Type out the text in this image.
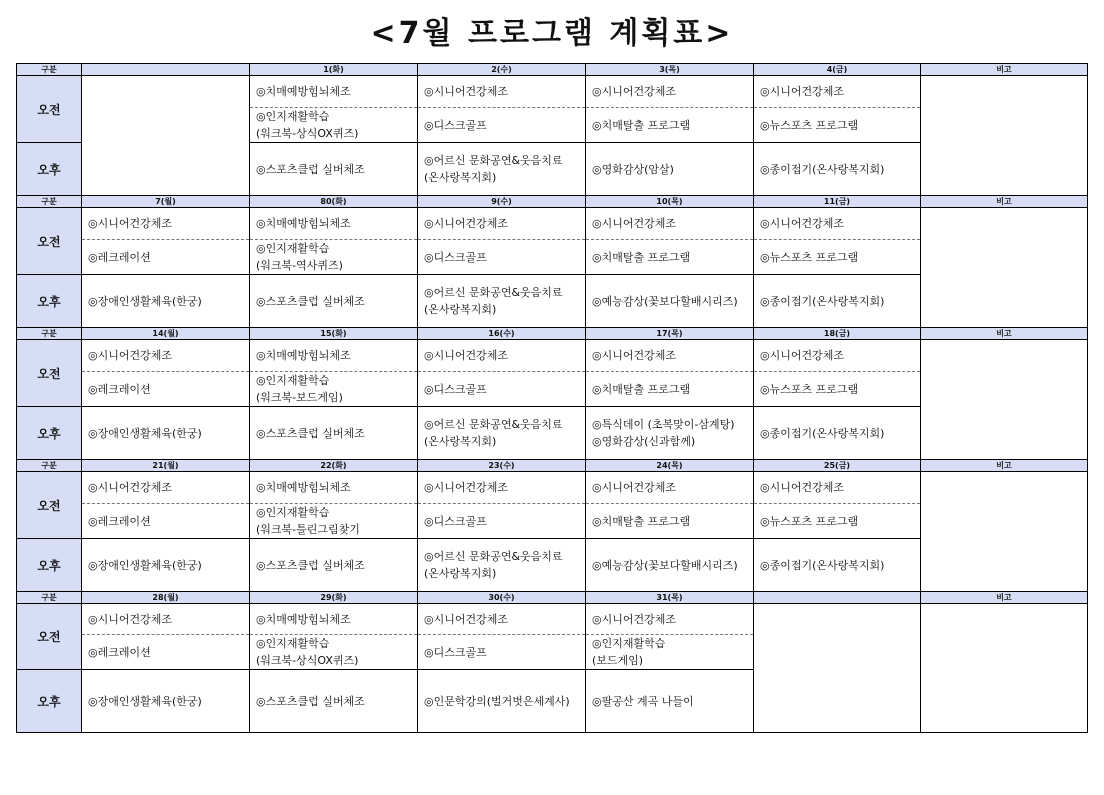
<7월 프로그램 계획표>
구분		1(화)	2(수)	3(목)	4(금)	비고
오전		◎치매예방힘뇌체조	◎시니어건강체조	◎시니어건강체조	◎시니어건강체조	

		◎인지재활학습
(워크북-상식OX퀴즈)	◎디스크골프	◎치매탈출 프로그램	◎뉴스포츠 프로그램	

오후		◎스포츠클럽 실버체조	◎어르신 문화공연&웃음치료
(온사랑복지회)	◎영화감상(암살)	◎종이접기(온사랑복지회)	

구분	7(월)	80(화)	9(수)	10(목)	11(금)	비고
오전	◎시니어건강체조	◎치매예방힘뇌체조	◎시니어건강체조	◎시니어건강체조	◎시니어건강체조	

	◎레크레이션	◎인지재활학습
(워크북-역사퀴즈)	◎디스크골프	◎치매탈출 프로그램	◎뉴스포츠 프로그램	

오후	◎장애인생활체육(한궁)	◎스포츠클럽 실버체조	◎어르신 문화공연&웃음치료
(온사랑복지회)	◎예능감상(꽃보다할배시리즈)	◎종이접기(온사랑복지회)	

구분	14(월)	15(화)	16(수)	17(목)	18(금)	비고
오전	◎시니어건강체조	◎치매예방힘뇌체조	◎시니어건강체조	◎시니어건강체조	◎시니어건강체조	

	◎레크레이션	◎인지재활학습
(워크북-보드게임)	◎디스크골프	◎치매탈출 프로그램	◎뉴스포츠 프로그램	

오후	◎장애인생활체육(한궁)	◎스포츠클럽 실버체조	◎어르신 문화공연&웃음치료
(온사랑복지회)	◎특식데이 (초복맞이-삼계탕)
◎영화감상(신과함께)	◎종이접기(온사랑복지회)	

구분	21(월)	22(화)	23(수)	24(목)	25(금)	비고
오전	◎시니어건강체조	◎치매예방힘뇌체조	◎시니어건강체조	◎시니어건강체조	◎시니어건강체조	

	◎레크레이션	◎인지재활학습
(워크북-틀린그림찾기	◎디스크골프	◎치매탈출 프로그램	◎뉴스포츠 프로그램	

오후	◎장애인생활체육(한궁)	◎스포츠클럽 실버체조	◎어르신 문화공연&웃음치료
(온사랑복지회)	◎예능감상(꽃보다할배시리즈)	◎종이접기(온사랑복지회)	

구분	28(월)	29(화)	30(수)	31(목)		비고
오전	◎시니어건강체조	◎치매예방힘뇌체조	◎시니어건강체조	◎시니어건강체조		

	◎레크레이션	◎인지재활학습
(워크북-상식OX퀴즈)	◎디스크골프	◎인지재활학습
(보드게임)		

오후	◎장애인생활체육(한궁)	◎스포츠클럽 실버체조	◎인문학강의(벌거벗은세계사)	◎팔공산 계곡 나들이		
